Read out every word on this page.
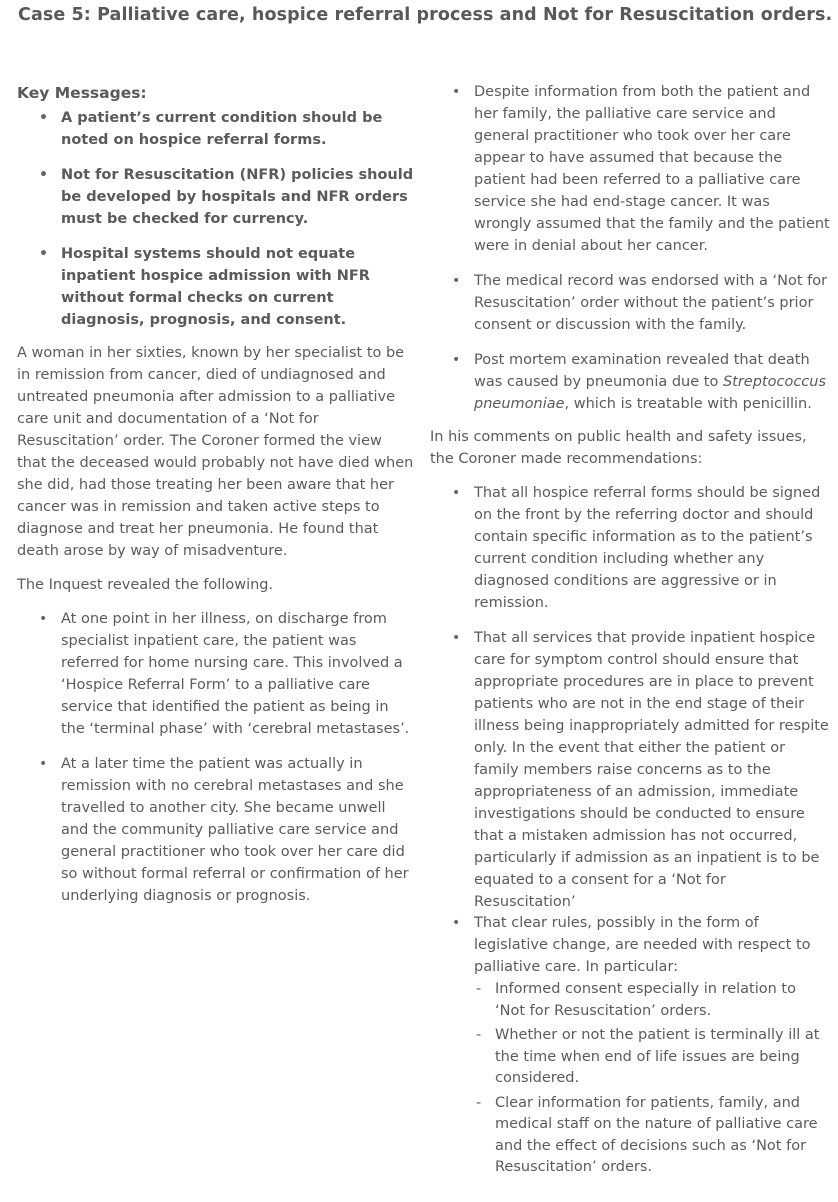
Case 5: Palliative care, hospice referral process and Not for Resuscitation orders.
Key Messages:
• A patient’s current condition should be noted on hospice referral forms.
• Not for Resuscitation (NFR) policies should be developed by hospitals and NFR orders must be checked for currency.
• Hospital systems should not equate inpatient hospice admission with NFR without formal checks on current diagnosis, prognosis, and consent.

A woman in her sixties, known by her specialist to be in remission from cancer, died of undiagnosed and untreated pneumonia after admission to a palliative care unit and documentation of a ‘Not for Resuscitation’ order. The Coroner formed the view that the deceased would probably not have died when she did, had those treating her been aware that her cancer was in remission and taken active steps to diagnose and treat her pneumonia. He found that death arose by way of misadventure.

The Inquest revealed the following.

• At one point in her illness, on discharge from specialist inpatient care, the patient was referred for home nursing care. This involved a ‘Hospice Referral Form’ to a palliative care service that identified the patient as being in the ‘terminal phase’ with ‘cerebral metastases’.
• At a later time the patient was actually in remission with no cerebral metastases and she travelled to another city. She became unwell and the community palliative care service and general practitioner who took over her care did so without formal referral or confirmation of her underlying diagnosis or prognosis.
• Despite information from both the patient and her family, the palliative care service and general practitioner who took over her care appear to have assumed that because the patient had been referred to a palliative care service she had end-stage cancer. It was wrongly assumed that the family and the patient were in denial about her cancer.
• The medical record was endorsed with a ‘Not for Resuscitation’ order without the patient’s prior consent or discussion with the family.
• Post mortem examination revealed that death was caused by pneumonia due to Streptococcus pneumoniae, which is treatable with penicillin.

In his comments on public health and safety issues, the Coroner made recommendations:

• That all hospice referral forms should be signed on the front by the referring doctor and should contain specific information as to the patient’s current condition including whether any diagnosed conditions are aggressive or in remission.
• That all services that provide inpatient hospice care for symptom control should ensure that appropriate procedures are in place to prevent patients who are not in the end stage of their illness being inappropriately admitted for respite only. In the event that either the patient or family members raise concerns as to the appropriateness of an admission, immediate investigations should be conducted to ensure that a mistaken admission has not occurred, particularly if admission as an inpatient is to be equated to a consent for a ‘Not for Resuscitation’
• That clear rules, possibly in the form of legislative change, are needed with respect to palliative care. In particular:
- Informed consent especially in relation to ‘Not for Resuscitation’ orders.
- Whether or not the patient is terminally ill at the time when end of life issues are being considered.
- Clear information for patients, family, and medical staff on the nature of palliative care and the effect of decisions such as ‘Not for Resuscitation’ orders.
